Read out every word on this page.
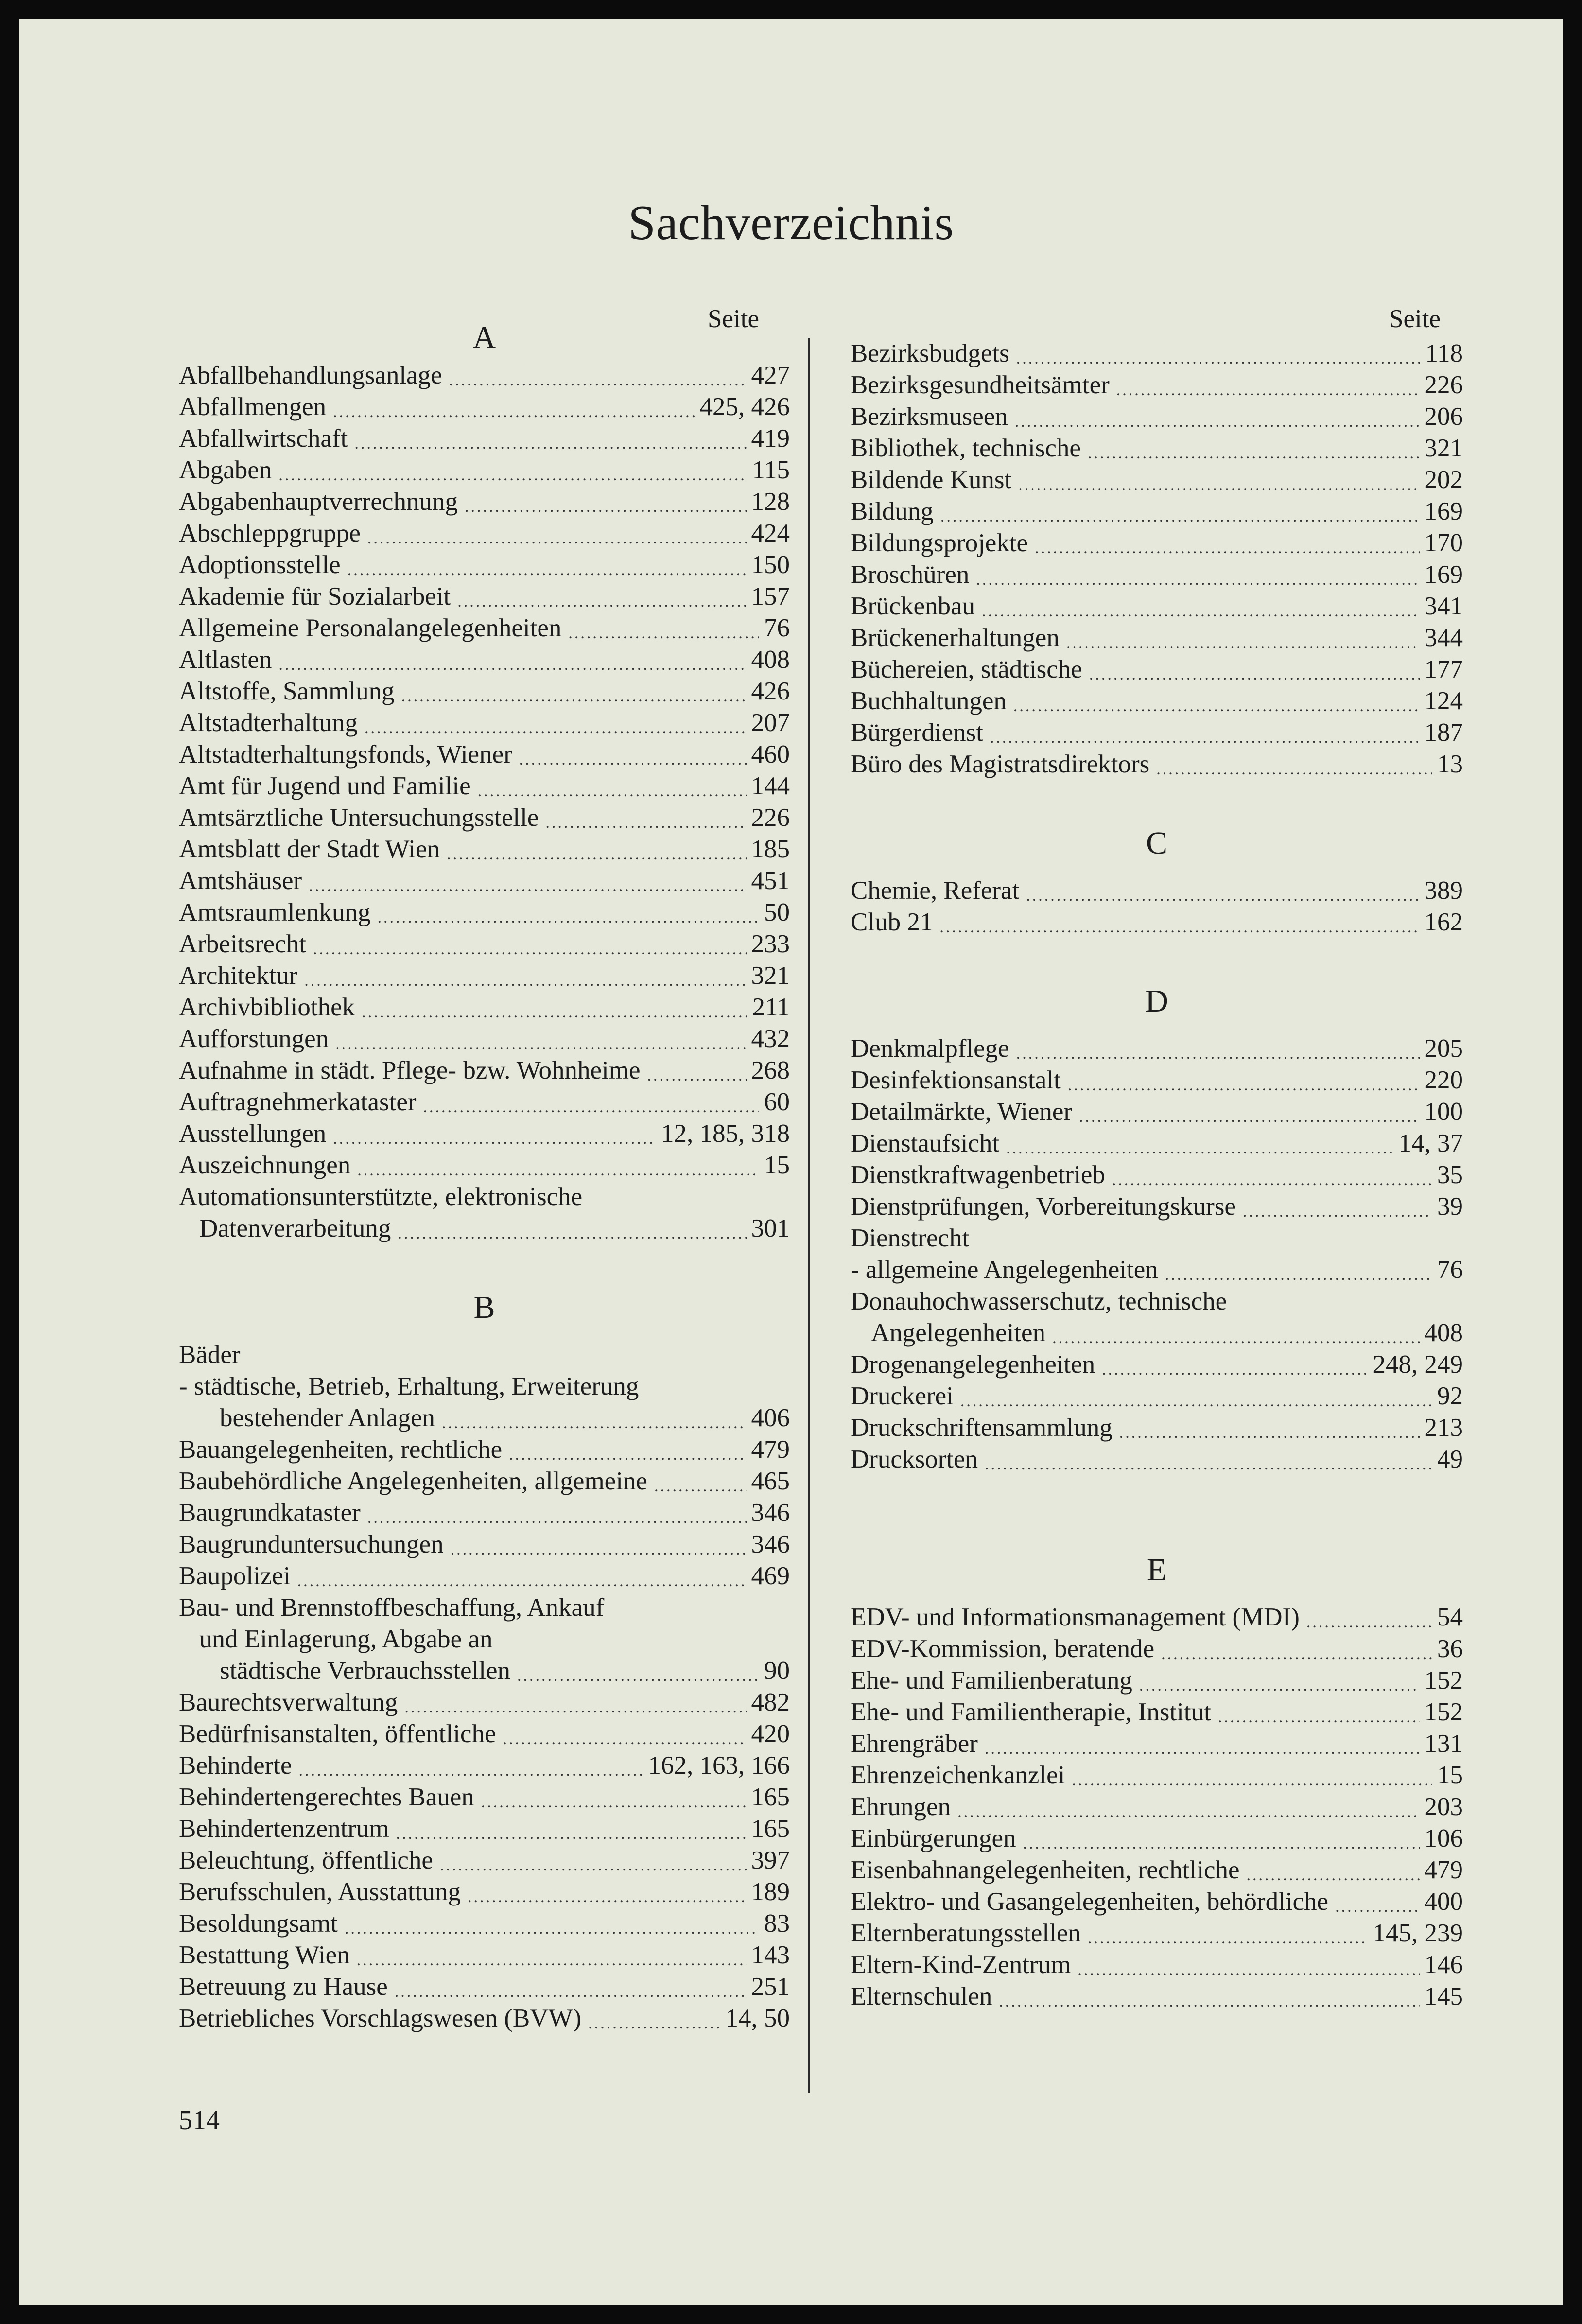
Sachverzeichnis
Seite	Seite
A
Abfallbehandlungsanlage .....	427
Abfallmengen .....	425, 426
Abfallwirtschaft .....	419
Abgaben .....	115
Abgabenhauptverrechnung .....	128
Abschleppgruppe .....	424
Adoptionsstelle .....	150
Akademie für Sozialarbeit .....	157
Allgemeine Personalangelegenheiten .....	76
Altlasten .....	408
Altstoffe, Sammlung .....	426
Altstadterhaltung .....	207
Altstadterhaltungsfonds, Wiener .....	460
Amt für Jugend und Familie .....	144
Amtsärztliche Untersuchungsstelle .....	226
Amtsblatt der Stadt Wien .....	185
Amtshäuser .....	451
Amtsraumlenkung .....	50
Arbeitsrecht .....	233
Architektur .....	321
Archivbibliothek .....	211
Aufforstungen .....	432
Aufnahme in städt. Pflege- bzw. Wohnheime .....	268
Auftragnehmerkataster .....	60
Ausstellungen .....	12, 185, 318
Auszeichnungen .....	15
Automationsunterstützte, elektronische
Datenverarbeitung .....	301
B
Bäder
- städtische, Betrieb, Erhaltung, Erweiterung
bestehender Anlagen .....	406
Bauangelegenheiten, rechtliche .....	479
Baubehördliche Angelegenheiten, allgemeine .....	465
Baugrundkataster .....	346
Baugrunduntersuchungen .....	346
Baupolizei .....	469
Bau- und Brennstoffbeschaffung, Ankauf
und Einlagerung, Abgabe an
städtische Verbrauchsstellen .....	90
Baurechtsverwaltung .....	482
Bedürfnisanstalten, öffentliche .....	420
Behinderte .....	162, 163, 166
Behindertengerechtes Bauen .....	165
Behindertenzentrum .....	165
Beleuchtung, öffentliche .....	397
Berufsschulen, Ausstattung .....	189
Besoldungsamt .....	83
Bestattung Wien .....	143
Betreuung zu Hause .....	251
Betriebliches Vorschlagswesen (BVW) .....	14, 50
Bezirksbudgets .....	118
Bezirksgesundheitsämter .....	226
Bezirksmuseen .....	206
Bibliothek, technische .....	321
Bildende Kunst .....	202
Bildung .....	169
Bildungsprojekte .....	170
Broschüren .....	169
Brückenbau .....	341
Brückenerhaltungen .....	344
Büchereien, städtische .....	177
Buchhaltungen .....	124
Bürgerdienst .....	187
Büro des Magistratsdirektors .....	13
C
Chemie, Referat .....	389
Club 21 .....	162
D
Denkmalpflege .....	205
Desinfektionsanstalt .....	220
Detailmärkte, Wiener .....	100
Dienstaufsicht .....	14, 37
Dienstkraftwagenbetrieb .....	35
Dienstprüfungen, Vorbereitungskurse .....	39
Dienstrecht
- allgemeine Angelegenheiten .....	76
Donauhochwasserschutz, technische
Angelegenheiten .....	408
Drogenangelegenheiten .....	248, 249
Druckerei .....	92
Druckschriftensammlung .....	213
Drucksorten .....	49
E
EDV- und Informationsmanagement (MDI) .....	54
EDV-Kommission, beratende .....	36
Ehe- und Familienberatung .....	152
Ehe- und Familientherapie, Institut .....	152
Ehrengräber .....	131
Ehrenzeichenkanzlei .....	15
Ehrungen .....	203
Einbürgerungen .....	106
Eisenbahnangelegenheiten, rechtliche .....	479
Elektro- und Gasangelegenheiten, behördliche .....	400
Elternberatungsstellen .....	145, 239
Eltern-Kind-Zentrum .....	146
Elternschulen .....	145
514
